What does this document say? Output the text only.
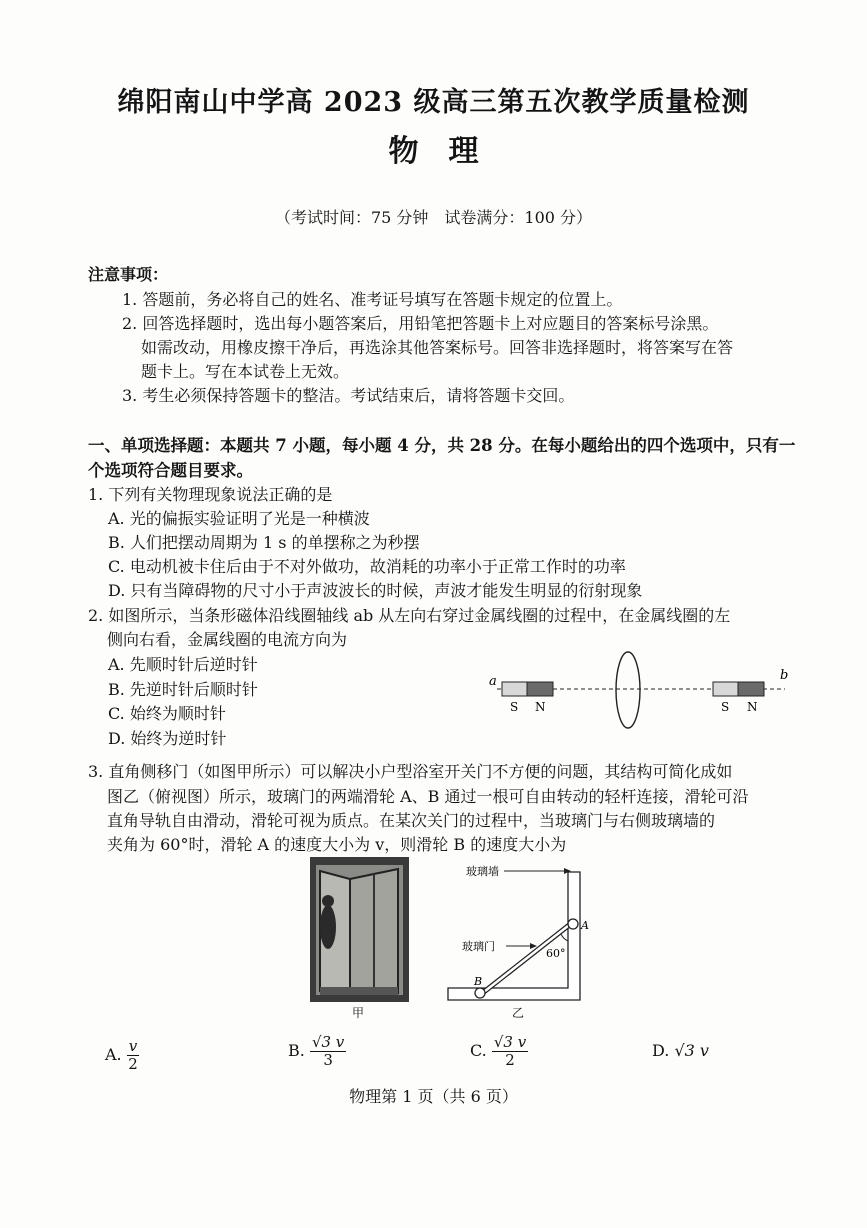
绵阳南山中学高 2023 级高三第五次教学质量检测
物理
（考试时间：75 分钟　试卷满分：100 分）
注意事项：
1. 答题前，务必将自己的姓名、准考证号填写在答题卡规定的位置上。
2. 回答选择题时，选出每小题答案后，用铅笔把答题卡上对应题目的答案标号涂黑。
如需改动，用橡皮擦干净后，再选涂其他答案标号。回答非选择题时，将答案写在答
题卡上。写在本试卷上无效。
3. 考生必须保持答题卡的整洁。考试结束后，请将答题卡交回。
一、单项选择题：本题共 7 小题，每小题 4 分，共 28 分。在每小题给出的四个选项中，只有一
个选项符合题目要求。
1. 下列有关物理现象说法正确的是
A. 光的偏振实验证明了光是一种横波
B. 人们把摆动周期为 1 s 的单摆称之为秒摆
C. 电动机被卡住后由于不对外做功，故消耗的功率小于正常工作时的功率
D. 只有当障碍物的尺寸小于声波波长的时候，声波才能发生明显的衍射现象
2. 如图所示，当条形磁体沿线圈轴线 ab 从左向右穿过金属线圈的过程中，在金属线圈的左
侧向右看，金属线圈的电流方向为
A. 先顺时针后逆时针
B. 先逆时针后顺时针
C. 始终为顺时针
D. 始终为逆时针
a	b
S N	S N
3. 直角侧移门（如图甲所示）可以解决小户型浴室开关门不方便的问题，其结构可简化成如
图乙（俯视图）所示，玻璃门的两端滑轮 A、B 通过一根可自由转动的轻杆连接，滑轮可沿
直角导轨自由滑动，滑轮可视为质点。在某次关门的过程中，当玻璃门与右侧玻璃墙的
夹角为 60°时，滑轮 A 的速度大小为 v，则滑轮 B 的速度大小为
甲
玻璃墙
玻璃门
A
B
60°
乙
A. $\frac{v}{2}$	B. $\frac{√3 v}{3}$	C. $\frac{√3 v}{2}$	D. √3 v
物理第 1 页（共 6 页）
